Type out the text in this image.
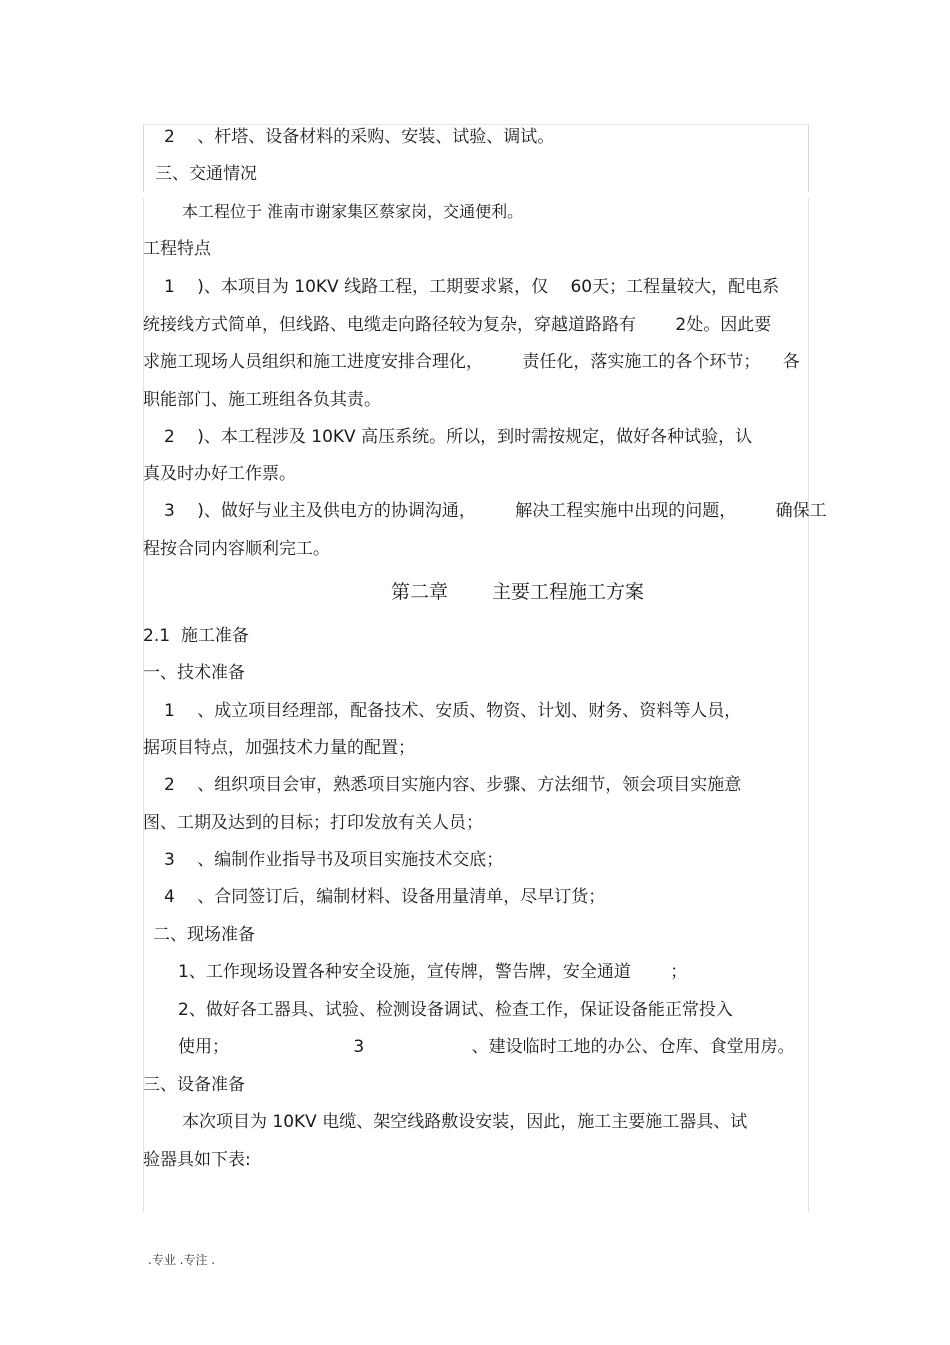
2 　、杆塔、设备材料的采购、安装、试验、调试。
三、交通情况
本工程位于 淮南市谢家集区蔡家岗，交通便利。
工程特点
1 　)、本项目为 10KV 线路工程，工期要求紧，仅 　60天；工程量较大，配电系
统接线方式简单，但线路、电缆走向路径较为复杂，穿越道路路有 　　2处。因此要
求施工现场人员组织和施工进度安排合理化， 　　责任化，落实施工的各个环节； 　各
职能部门、施工班组各负其责。
2 　)、本工程涉及 10KV 高压系统。所以，到时需按规定，做好各种试验，认
真及时办好工作票。
3 　)、做好与业主及供电方的协调沟通， 　　解决工程实施中出现的问题， 　　确保工
程按合同内容顺利完工。
第二章 　　主要工程施工方案
2.1  施工准备
一、技术准备
1 　、成立项目经理部，配备技术、安质、物资、计划、财务、资料等人员，
据项目特点，加强技术力量的配置；
2 　、组织项目会审，熟悉项目实施内容、步骤、方法细节，领会项目实施意
图、工期及达到的目标；打印发放有关人员；
3 　、编制作业指导书及项目实施技术交底；
4 　、合同签订后，编制材料、设备用量清单，尽早订货；
二、现场准备
1、工作现场设置各种安全设施，宣传牌，警告牌，安全通道 　　；
2、做好各工器具、试验、检测设备调试、检查工作，保证设备能正常投入
使用； 　　　　　　　3 　　　　　　、建设临时工地的办公、仓库、食堂用房。
三、设备准备
本次项目为 10KV 电缆、架空线路敷设安装，因此，施工主要施工器具、试
验器具如下表:
.专业 .专注 .
